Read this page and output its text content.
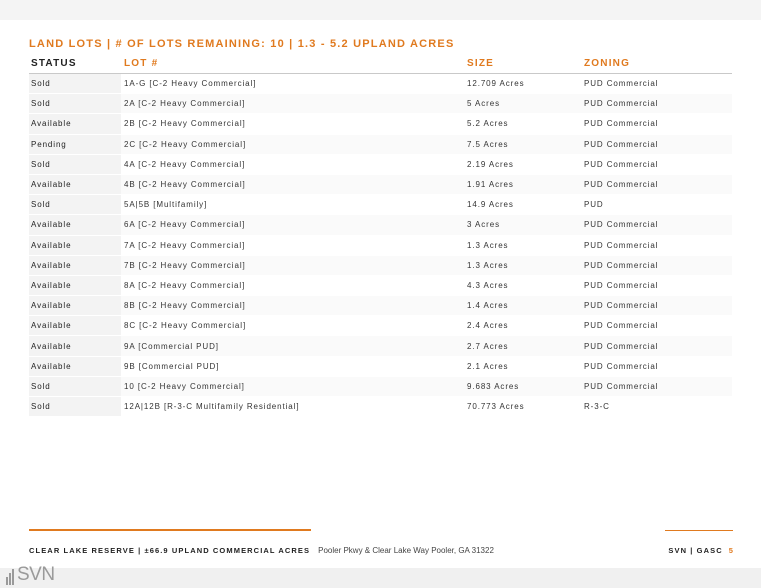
LAND LOTS | # OF LOTS REMAINING: 10 | 1.3 - 5.2 UPLAND ACRES
STATUS	LOT #	SIZE	ZONING
Sold	1A-G [C-2 Heavy Commercial]	12.709 Acres	PUD Commercial
Sold	2A [C-2 Heavy Commercial]	5 Acres	PUD Commercial
Available	2B [C-2 Heavy Commercial]	5.2 Acres	PUD Commercial
Pending	2C [C-2 Heavy Commercial]	7.5 Acres	PUD Commercial
Sold	4A [C-2 Heavy Commercial]	2.19 Acres	PUD Commercial
Available	4B [C-2 Heavy Commercial]	1.91 Acres	PUD Commercial
Sold	5A|5B [Multifamily]	14.9 Acres	PUD
Available	6A [C-2 Heavy Commercial]	3 Acres	PUD Commercial
Available	7A [C-2 Heavy Commercial]	1.3 Acres	PUD Commercial
Available	7B [C-2 Heavy Commercial]	1.3 Acres	PUD Commercial
Available	8A [C-2 Heavy Commercial]	4.3 Acres	PUD Commercial
Available	8B [C-2 Heavy Commercial]	1.4 Acres	PUD Commercial
Available	8C [C-2 Heavy Commercial]	2.4 Acres	PUD Commercial
Available	9A [Commercial PUD]	2.7 Acres	PUD Commercial
Available	9B [Commercial PUD]	2.1 Acres	PUD Commercial
Sold	10 [C-2 Heavy Commercial]	9.683 Acres	PUD Commercial
Sold	12A|12B [R-3-C Multifamily Residential]	70.773 Acres	R-3-C
CLEAR LAKE RESERVE | ±66.9 UPLAND COMMERCIAL ACRES Pooler Pkwy & Clear Lake Way Pooler, GA 31322	SVN | GASC 5
SVN
